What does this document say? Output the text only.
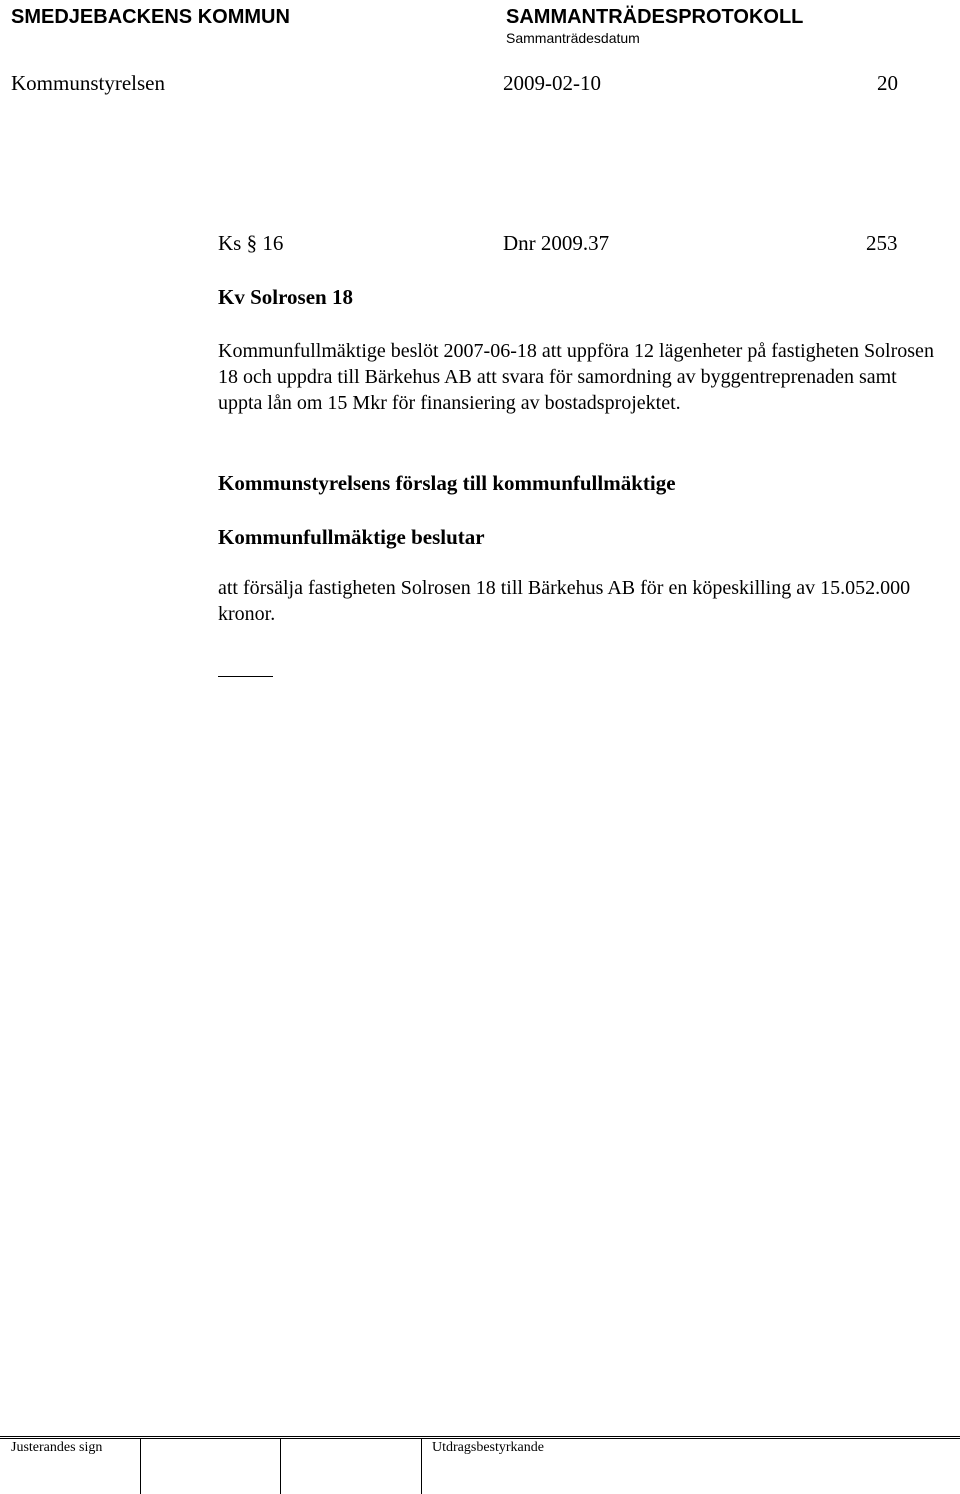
SMEDJEBACKENS KOMMUN	SAMMANTRÄDESPROTOKOLL
Sammanträdesdatum
Kommunstyrelsen	2009-02-10	20
Ks § 16	Dnr 2009.37	253
Kv Solrosen 18
Kommunfullmäktige beslöt 2007-06-18 att uppföra 12 lägenheter på fastigheten Solrosen 18 och uppdra till Bärkehus AB att svara för samordning av byggentreprenaden samt uppta lån om 15 Mkr för finansiering av bostadsprojektet.
Kommunstyrelsens förslag till kommunfullmäktige
Kommunfullmäktige beslutar
att försälja fastigheten Solrosen 18 till Bärkehus AB för en köpeskilling av 15.052.000 kronor.
Justerandes sign	Utdragsbestyrkande
